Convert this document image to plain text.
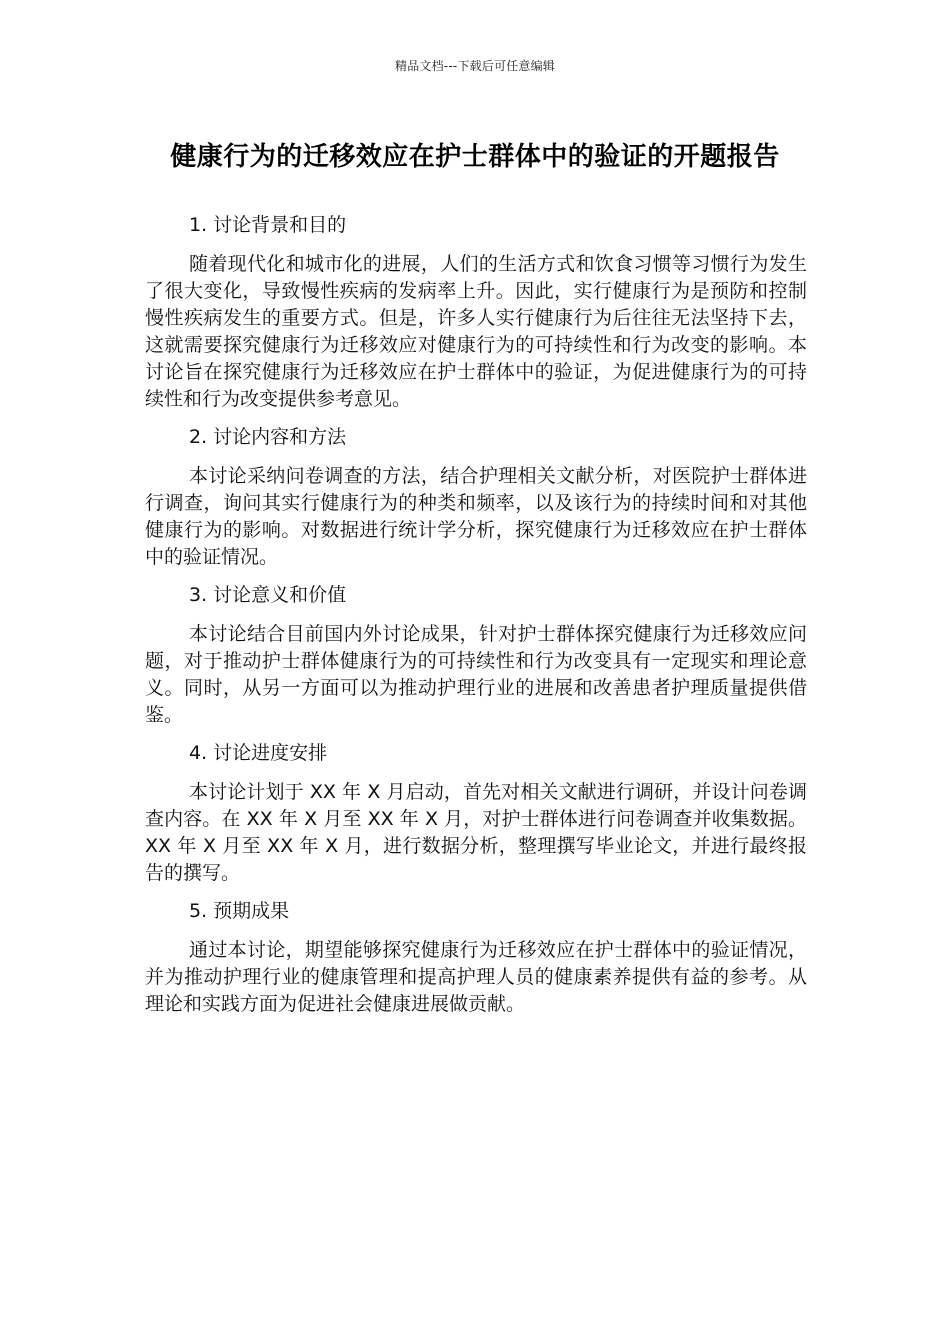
精品文档---下载后可任意编辑
健康行为的迁移效应在护士群体中的验证的开题报告

1. 讨论背景和目的

随着现代化和城市化的进展，人们的生活方式和饮食习惯等习惯行为发生了很大变化，导致慢性疾病的发病率上升。因此，实行健康行为是预防和控制慢性疾病发生的重要方式。但是，许多人实行健康行为后往往无法坚持下去，这就需要探究健康行为迁移效应对健康行为的可持续性和行为改变的影响。本讨论旨在探究健康行为迁移效应在护士群体中的验证，为促进健康行为的可持续性和行为改变提供参考意见。

2. 讨论内容和方法

本讨论采纳问卷调查的方法，结合护理相关文献分析，对医院护士群体进行调查，询问其实行健康行为的种类和频率，以及该行为的持续时间和对其他健康行为的影响。对数据进行统计学分析，探究健康行为迁移效应在护士群体中的验证情况。

3. 讨论意义和价值

本讨论结合目前国内外讨论成果，针对护士群体探究健康行为迁移效应问题，对于推动护士群体健康行为的可持续性和行为改变具有一定现实和理论意义。同时，从另一方面可以为推动护理行业的进展和改善患者护理质量提供借鉴。

4. 讨论进度安排

本讨论计划于 XX 年 X 月启动，首先对相关文献进行调研，并设计问卷调查内容。在 XX 年 X 月至 XX 年 X 月，对护士群体进行问卷调查并收集数据。XX 年 X 月至 XX 年 X 月，进行数据分析，整理撰写毕业论文，并进行最终报告的撰写。

5. 预期成果

通过本讨论，期望能够探究健康行为迁移效应在护士群体中的验证情况，并为推动护理行业的健康管理和提高护理人员的健康素养提供有益的参考。从理论和实践方面为促进社会健康进展做贡献。
